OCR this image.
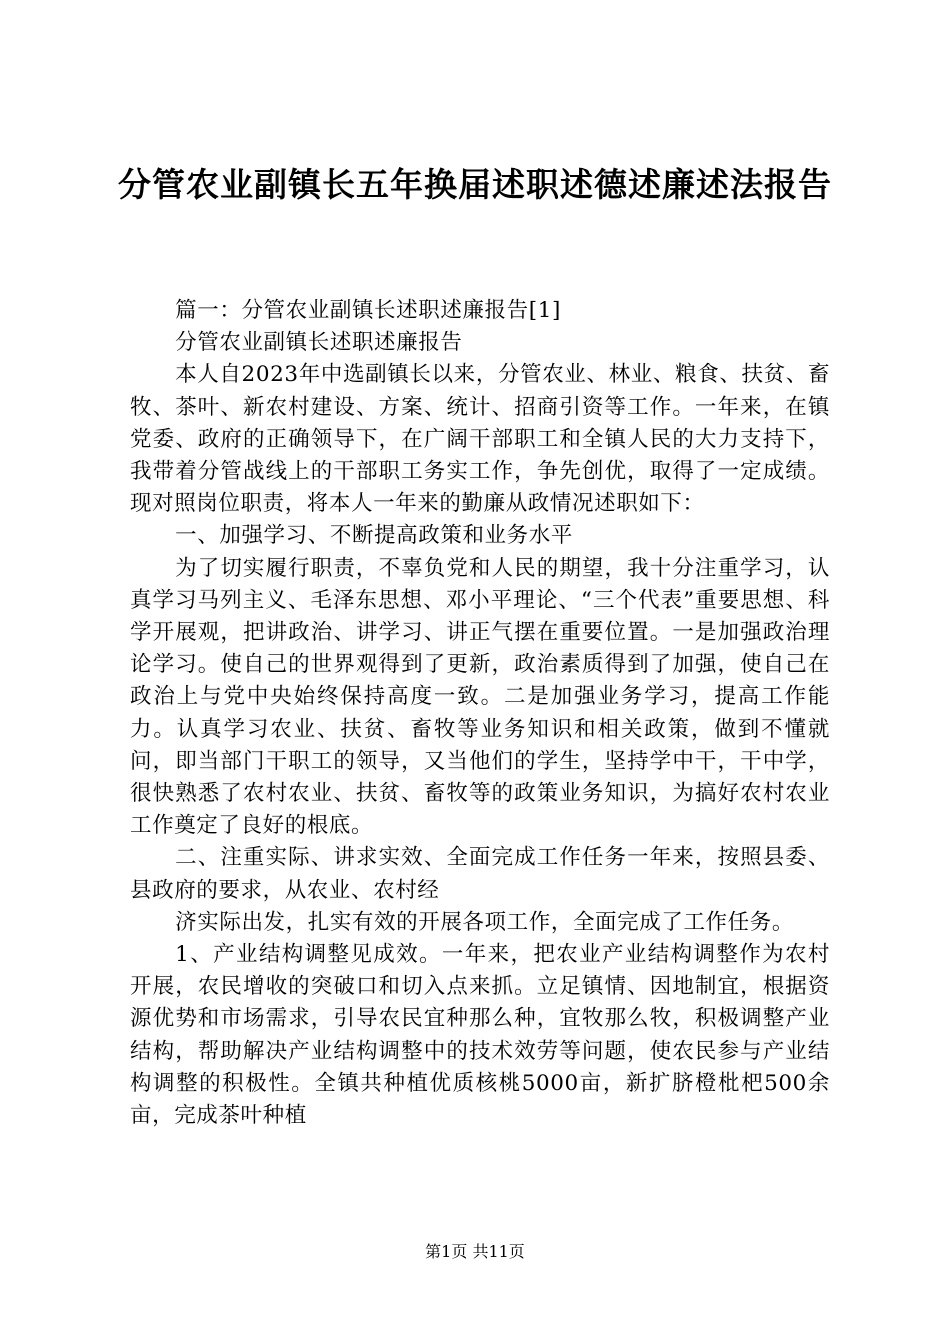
分管农业副镇长五年换届述职述德述廉述法报告

篇一：分管农业副镇长述职述廉报告[1]

分管农业副镇长述职述廉报告

本人自2023年中选副镇长以来，分管农业、林业、粮食、扶贫、畜牧、茶叶、新农村建设、方案、统计、招商引资等工作。一年来，在镇党委、政府的正确领导下，在广阔干部职工和全镇人民的大力支持下，我带着分管战线上的干部职工务实工作，争先创优，取得了一定成绩。现对照岗位职责，将本人一年来的勤廉从政情况述职如下：

一、加强学习、不断提高政策和业务水平

为了切实履行职责，不辜负党和人民的期望，我十分注重学习，认真学习马列主义、毛泽东思想、邓小平理论、“三个代表”重要思想、科学开展观，把讲政治、讲学习、讲正气摆在重要位置。一是加强政治理论学习。使自己的世界观得到了更新，政治素质得到了加强，使自己在政治上与党中央始终保持高度一致。二是加强业务学习，提高工作能力。认真学习农业、扶贫、畜牧等业务知识和相关政策，做到不懂就问，即当部门干职工的领导，又当他们的学生，坚持学中干，干中学，很快熟悉了农村农业、扶贫、畜牧等的政策业务知识，为搞好农村农业工作奠定了良好的根底。

二、注重实际、讲求实效、全面完成工作任务一年来，按照县委、县政府的要求，从农业、农村经

济实际出发，扎实有效的开展各项工作，全面完成了工作任务。

1、产业结构调整见成效。一年来，把农业产业结构调整作为农村开展，农民增收的突破口和切入点来抓。立足镇情、因地制宜，根据资源优势和市场需求，引导农民宜种那么种，宜牧那么牧，积极调整产业结构，帮助解决产业结构调整中的技术效劳等问题，使农民参与产业结构调整的积极性。全镇共种植优质核桃5000亩，新扩脐橙枇杷500余亩，完成茶叶种植

第1页 共11页
